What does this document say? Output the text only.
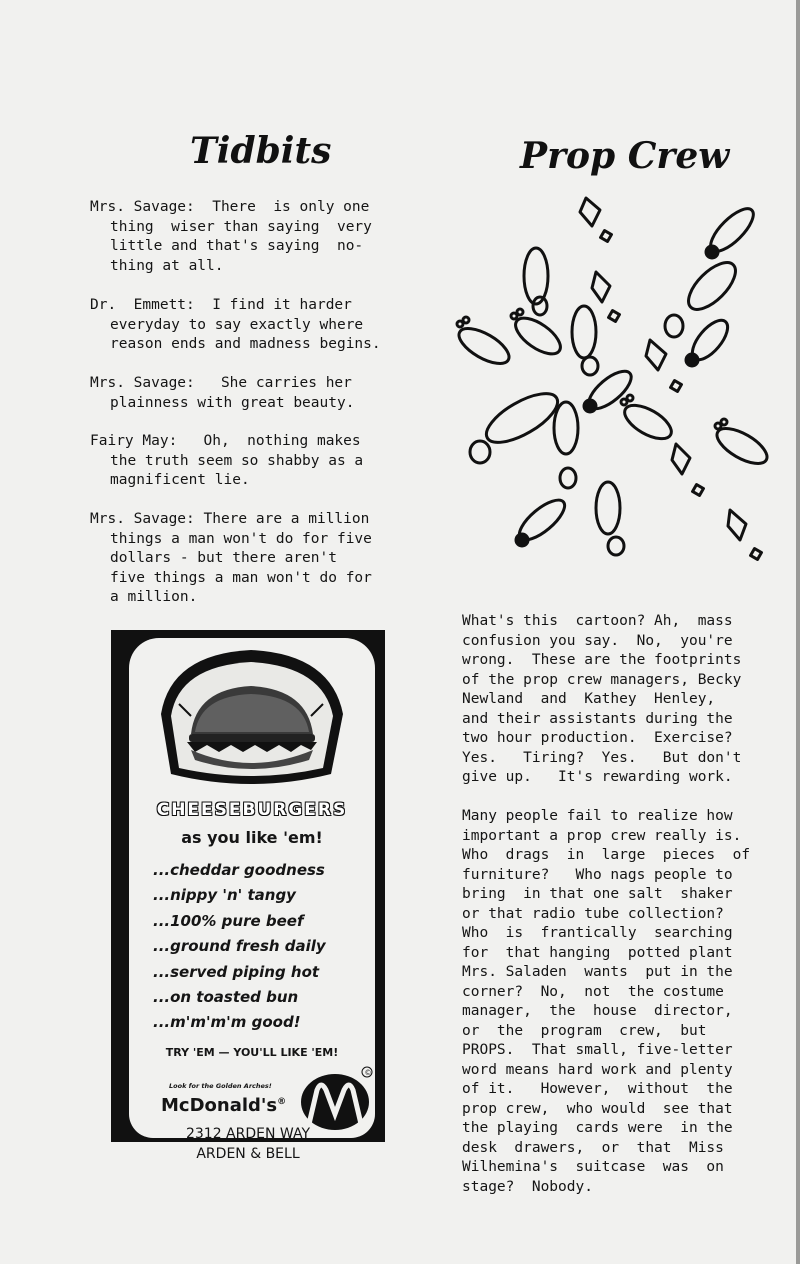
Tidbits
Mrs. Savage:  There  is only one
thing  wiser than saying  very
little and that's saying  no-
thing at all.
Dr.  Emmett:  I find it harder
everyday to say exactly where
reason ends and madness begins.
Mrs. Savage:   She carries her
plainness with great beauty.
Fairy May:   Oh,  nothing makes
the truth seem so shabby as a
magnificent lie.
Mrs. Savage: There are a million
things a man won't do for five
dollars - but there aren't
five things a man won't do for
a million.
CHEESEBURGERS
as you like 'em!
...cheddar goodness
...nippy 'n' tangy
...100% pure beef
...ground fresh daily
...served piping hot
...on toasted bun
...m'm'm'm good!
TRY 'EM — YOU'LL LIKE 'EM!
Look for the Golden Arches!
McDonald's®
©
2312 ARDEN WAY
ARDEN & BELL
Prop Crew
What's this  cartoon? Ah,  mass
confusion you say.  No,  you're
wrong.  These are the footprints
of the prop crew managers, Becky
Newland  and  Kathey  Henley,
and their assistants during the
two hour production.  Exercise?
Yes.   Tiring?  Yes.   But don't
give up.   It's rewarding work.
Many people fail to realize how
important a prop crew really is.
Who  drags  in  large  pieces  of
furniture?   Who nags people to
bring  in that one salt  shaker
or that radio tube collection?
Who  is  frantically  searching
for  that hanging  potted plant
Mrs. Saladen  wants  put in the
corner?  No,  not  the costume
manager,  the  house  director,
or  the  program  crew,  but
PROPS.  That small, five-letter
word means hard work and plenty
of it.   However,  without  the
prop crew,  who would  see that
the playing  cards were  in the
desk  drawers,  or  that  Miss
Wilhemina's  suitcase  was  on
stage?  Nobody.
